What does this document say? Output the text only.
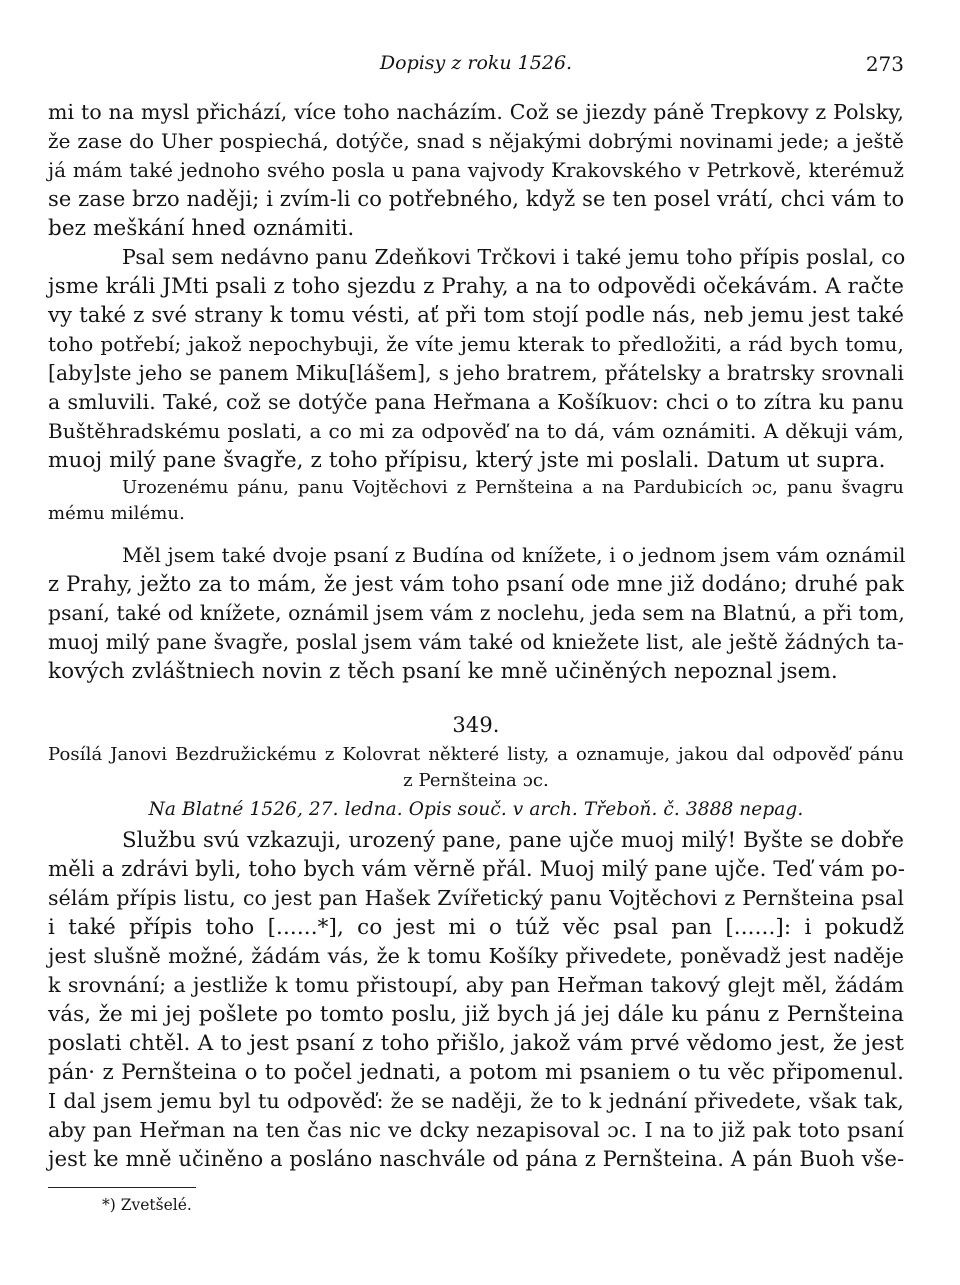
Dopisy z roku 1526.	273
mi to na mysl přichází, více toho nacházím. Což se jiezdy páně Trepkovy z Polsky,
že zase do Uher pospiechá, dotýče, snad s nějakými dobrými novinami jede; a ještě
já mám také jednoho svého posla u pana vajvody Krakovského v Petrkově, kterémuž
se zase brzo naději; i zvím-li co potřebného, když se ten posel vrátí, chci vám to
bez meškání hned oznámiti.
Psal sem nedávno panu Zdeňkovi Trčkovi i také jemu toho přípis poslal, co
jsme králi JMti psali z toho sjezdu z Prahy, a na to odpovědi očekávám. A račte
vy také z své strany k tomu vésti, ať při tom stojí podle nás, neb jemu jest také
toho potřebí; jakož nepochybuji, že víte jemu kterak to předložiti, a rád bych tomu,
[aby]ste jeho se panem Miku[lášem], s jeho bratrem, přátelsky a bratrsky srovnali
a smluvili. Také, což se dotýče pana Heřmana a Košíkuov: chci o to zítra ku panu
Buštěhradskému poslati, a co mi za odpověď na to dá, vám oznámiti. A děkuji vám,
muoj milý pane švagře, z toho přípisu, který jste mi poslali. Datum ut supra.
Urozenému pánu, panu Vojtěchovi z Pernšteina a na Pardubicích ɔc, panu švagru
mému milému.
Měl jsem také dvoje psaní z Budína od knížete, i o jednom jsem vám oznámil
z Prahy, ježto za to mám, že jest vám toho psaní ode mne již dodáno; druhé pak
psaní, také od knížete, oznámil jsem vám z noclehu, jeda sem na Blatnú, a při tom,
muoj milý pane švagře, poslal jsem vám také od kniežete list, ale ještě žádných ta-
kových zvláštniech novin z těch psaní ke mně učiněných nepoznal jsem.
349.
Posílá Janovi Bezdružickému z Kolovrat některé listy, a oznamuje, jakou dal odpověď pánu
z Pernšteina ɔc.
Na Blatné 1526, 27. ledna. Opis souč. v arch. Třeboň. č. 3888 nepag.
Službu svú vzkazuji, urozený pane, pane ujče muoj milý! Byšte se dobře
měli a zdrávi byli, toho bych vám věrně přál. Muoj milý pane ujče. Teď vám po-
sélám přípis listu, co jest pan Hašek Zvířetický panu Vojtěchovi z Pernšteina psal
i také přípis toho [......*], co jest mi o túž věc psal pan [......]: i pokudž
jest slušně možné, žádám vás, že k tomu Košíky přivedete, poněvadž jest naděje
k srovnání; a jestliže k tomu přistoupí, aby pan Heřman takový glejt měl, žádám
vás, že mi jej pošlete po tomto poslu, již bych já jej dále ku pánu z Pernšteina
poslati chtěl. A to jest psaní z toho přišlo, jakož vám prvé vědomo jest, že jest
pán· z Pernšteina o to počel jednati, a potom mi psaniem o tu věc připomenul.
I dal jsem jemu byl tu odpověď: že se naději, že to k jednání přivedete, však tak,
aby pan Heřman na ten čas nic ve dcky nezapisoval ɔc. I na to již pak toto psaní
jest ke mně učiněno a posláno naschvále od pána z Pernšteina. A pán Buoh vše-
*) Zvetšelé.
